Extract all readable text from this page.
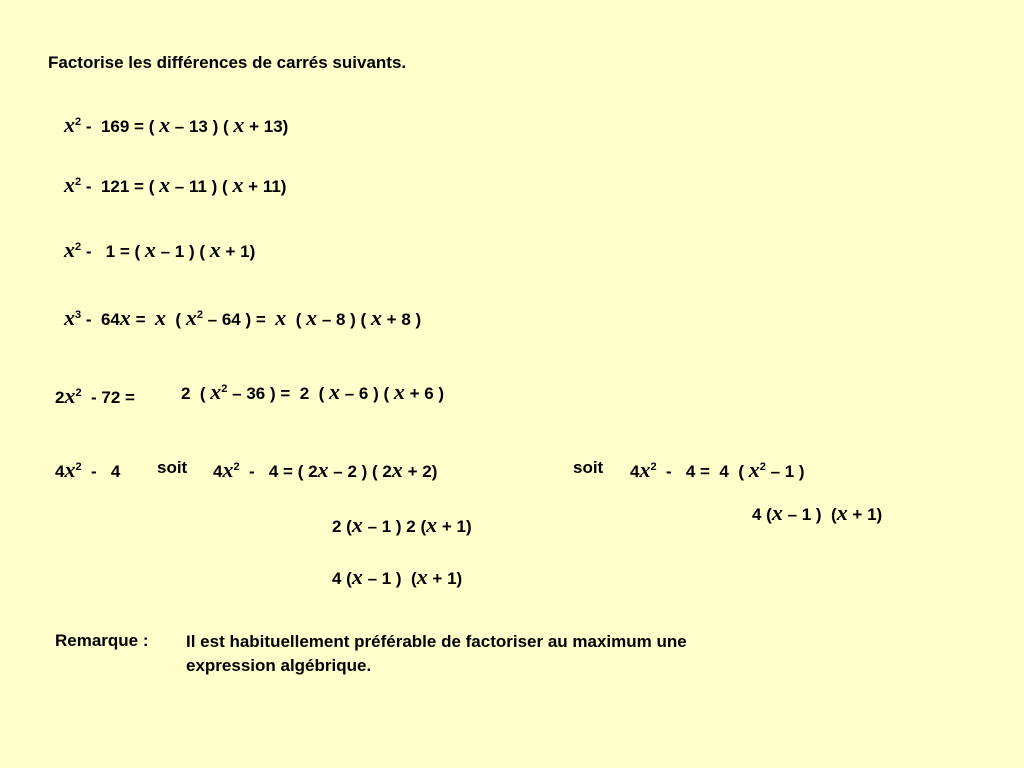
Factorise les différences de carrés suivants.
$x^2 - 169$ = ( x – 13 ) ( x + 13)
$x^2 - 121$ = ( x – 11 ) ( x + 11)
$x^2 - 1$ = ( x – 1 ) ( x + 1)
$x^3 - 64x = x$  ( $x^2 - 64$ ) =  x  ( x – 8 ) ( x + 8 )
$2x^2 - 72$ =	2  ( $x^2 - 36$ ) =  2  ( x – 6 ) ( x + 6 )
$4x^2 - 4$ soit $4x^2 - 4$ = ( 2x – 2 ) ( 2x + 2)	soit $4x^2 - 4 = 4$  ( $x^2 - 1$ )
4 (x – 1 )  (x + 1)
2 (x – 1 ) 2 (x + 1)
4 (x – 1 )  (x + 1)
Remarque : Il est habituellement préférable de factoriser au maximum une
expression algébrique.
